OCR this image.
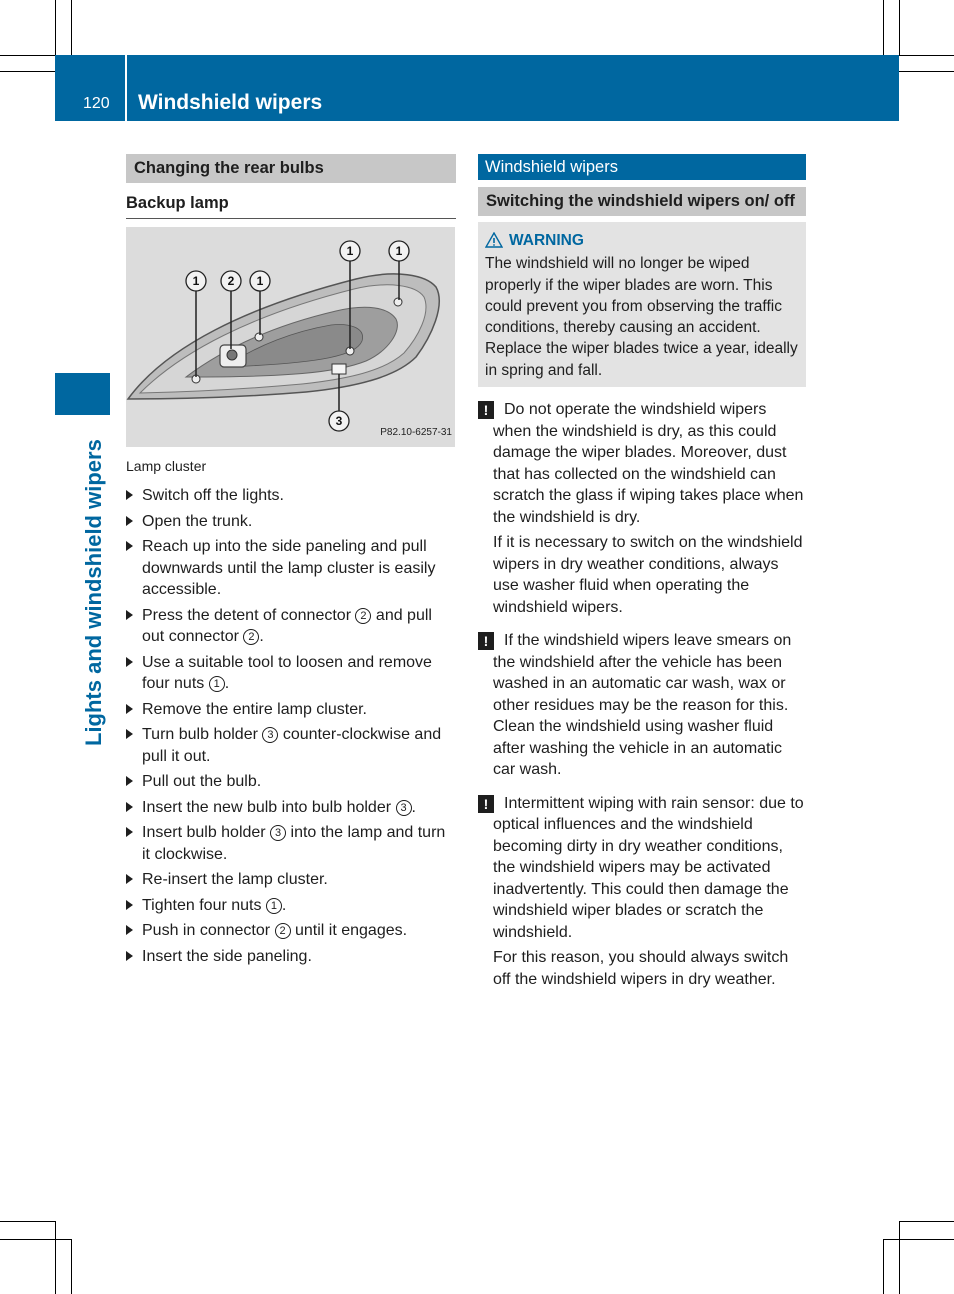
120 Windshield wipers
Lights and windshield wipers
Changing the rear bulbs
Backup lamp
1 2 1
1	1
3
P82.10-6257-31
Lamp cluster
Switch off the lights.
Open the trunk.
Reach up into the side paneling and pull downwards until the lamp cluster is easily accessible.
Press the detent of connector 2 and pull out connector 2 .
Use a suitable tool to loosen and remove four nuts 1 .
Remove the entire lamp cluster.
Turn bulb holder 3 counter-clockwise and pull it out.
Pull out the bulb.
Insert the new bulb into bulb holder 3 .
Insert bulb holder 3 into the lamp and turn it clockwise.
Re-insert the lamp cluster.
Tighten four nuts 1 .
Push in connector 2 until it engages.
Insert the side paneling.
Windshield wipers
Switching the windshield wipers on/ off
WARNING
The windshield will no longer be wiped properly if the wiper blades are worn. This could prevent you from observing the traffic conditions, thereby causing an accident. Replace the wiper blades twice a year, ideally in spring and fall.
! Do not operate the windshield wipers when the windshield is dry, as this could damage the wiper blades. Moreover, dust that has collected on the windshield can scratch the glass if wiping takes place when the windshield is dry.

If it is necessary to switch on the windshield wipers in dry weather conditions, always use washer fluid when operating the windshield wipers.

! If the windshield wipers leave smears on the windshield after the vehicle has been washed in an automatic car wash, wax or other residues may be the reason for this. Clean the windshield using washer fluid after washing the vehicle in an automatic car wash.

! Intermittent wiping with rain sensor: due to optical influences and the windshield becoming dirty in dry weather conditions, the windshield wipers may be activated inadvertently. This could then damage the windshield wiper blades or scratch the windshield.

For this reason, you should always switch off the windshield wipers in dry weather.
